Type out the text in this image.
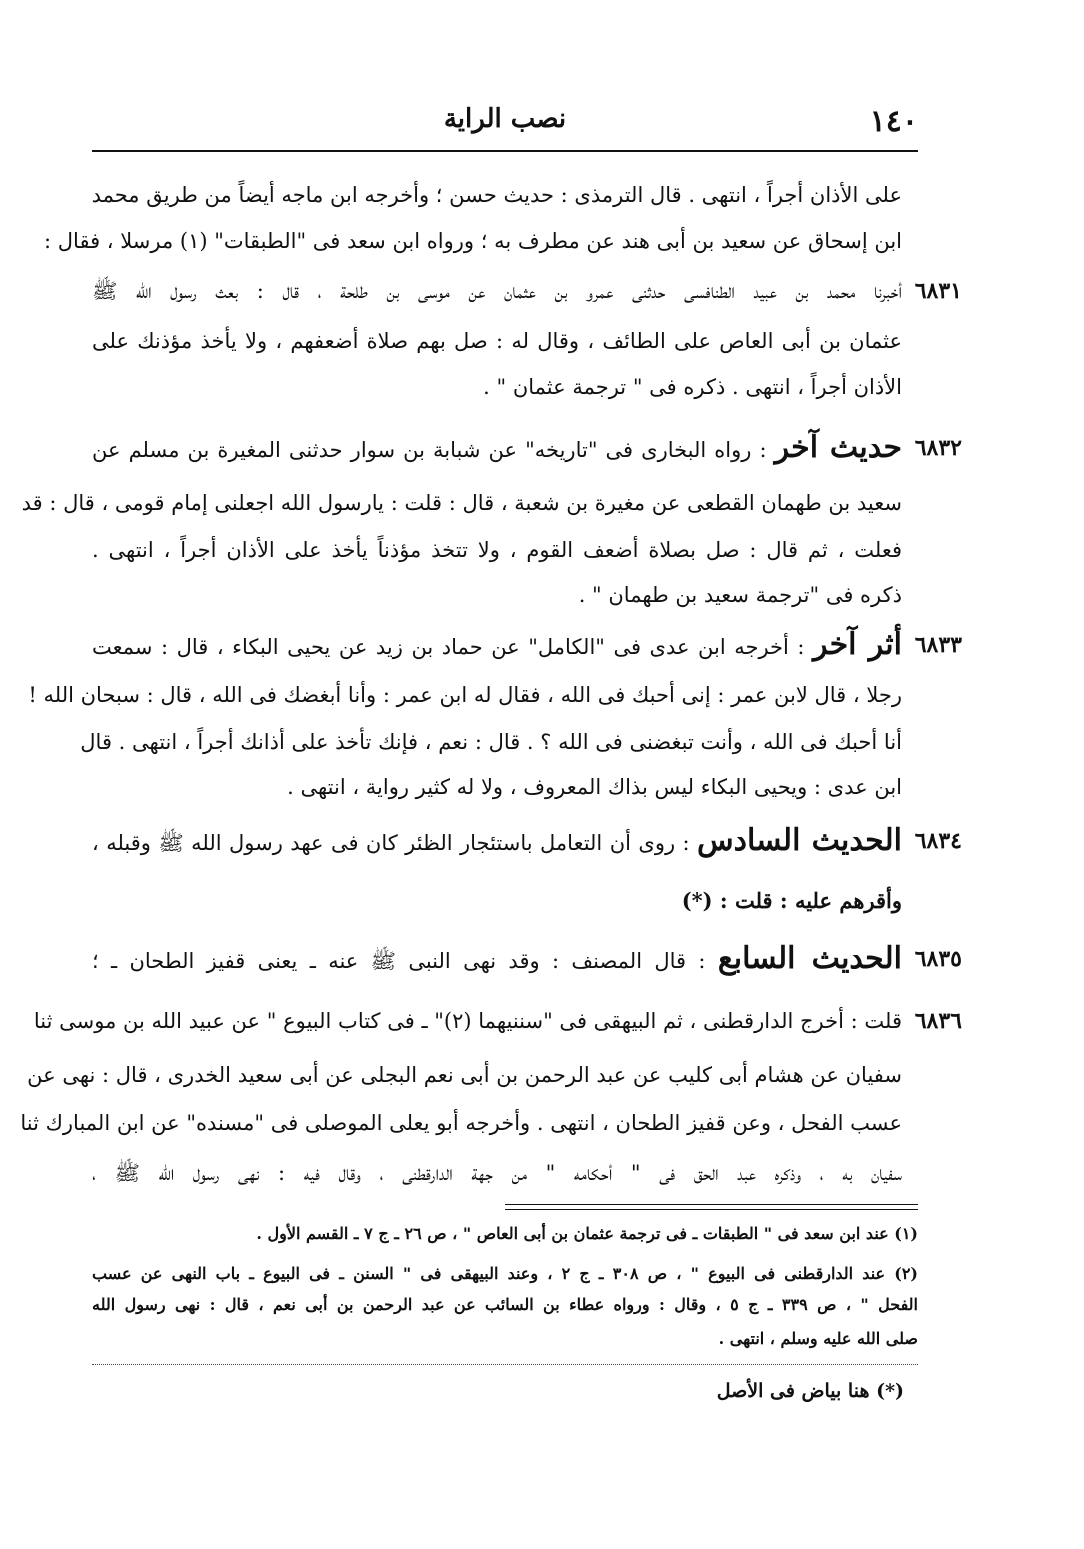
١٤٠
نصب الراية
على الأذان أجراً ، انتهى . قال الترمذى : حديث حسن ؛ وأخرجه ابن ماجه أيضاً من طريق محمد
ابن إسحاق عن سعيد بن أبى هند عن مطرف به ؛ ورواه ابن سعد فى "الطبقات" (١) مرسلا ، فقال :
٦٨٣١
أخبرنا محمد بن عبيد الطنافسى حدثنى عمرو بن عثمان عن موسى بن طلحة ، قال : بعث رسول الله ﷺ
عثمان بن أبى العاص على الطائف ، وقال له : صل بهم صلاة أضعفهم ، ولا يأخذ مؤذنك على
الأذان أجراً ، انتهى . ذكره فى " ترجمة عثمان " .
٦٨٣٢
حديث آخر : رواه البخارى فى "تاريخه" عن شبابة بن سوار حدثنى المغيرة بن مسلم عن
سعيد بن طهمان القطعى عن مغيرة بن شعبة ، قال : قلت : يارسول الله اجعلنى إمام قومى ، قال : قد
فعلت ، ثم قال : صل بصلاة أضعف القوم ، ولا تتخذ مؤذناً يأخذ على الأذان أجراً ، انتهى .
ذكره فى "ترجمة سعيد بن طهمان " .
٦٨٣٣
أثر آخر : أخرجه ابن عدى فى "الكامل" عن حماد بن زيد عن يحيى البكاء ، قال : سمعت
رجلا ، قال لابن عمر : إنى أحبك فى الله ، فقال له ابن عمر : وأنا أبغضك فى الله ، قال : سبحان الله !
أنا أحبك فى الله ، وأنت تبغضنى فى الله ؟ . قال : نعم ، فإنك تأخذ على أذانك أجراً ، انتهى . قال
ابن عدى : ويحيى البكاء ليس بذاك المعروف ، ولا له كثير رواية ، انتهى .
٦٨٣٤
الحديث السادس : روى أن التعامل باستئجار الظئر كان فى عهد رسول الله ﷺ وقبله ،
وأقرهم عليه : قلت : (*)
٦٨٣٥
الحديث السابع : قال المصنف : وقد نهى النبى ﷺ عنه ـ يعنى قفيز الطحان ـ ؛
٦٨٣٦
قلت : أخرج الدارقطنى ، ثم البيهقى فى "سننيهما (٢)" ـ فى كتاب البيوع " عن عبيد الله بن موسى ثنا
سفيان عن هشام أبى كليب عن عبد الرحمن بن أبى نعم البجلى عن أبى سعيد الخدرى ، قال : نهى عن
عسب الفحل ، وعن قفيز الطحان ، انتهى . وأخرجه أبو يعلى الموصلى فى "مسنده" عن ابن المبارك ثنا
سفيان به ، وذكره عبد الحق فى " أحكامه " من جهة الدارقطنى ، وقال فيه : نهى رسول الله ﷺ ،
(١) عند ابن سعد فى " الطبقات ـ فى ترجمة عثمان بن أبى العاص " ، ص ٢٦ ـ ج ٧ ـ القسم الأول .
(٢) عند الدارقطنى فى البيوع " ، ص ٣٠٨ ـ ج ٢ ، وعند البيهقى فى " السنن ـ فى البيوع ـ باب النهى عن عسب
الفحل " ، ص ٣٣٩ ـ ج ٥ ، وقال : ورواه عطاء بن السائب عن عبد الرحمن بن أبى نعم ، قال : نهى رسول الله
صلى الله عليه وسلم ، انتهى .
(*) هنا بياض فى الأصل
